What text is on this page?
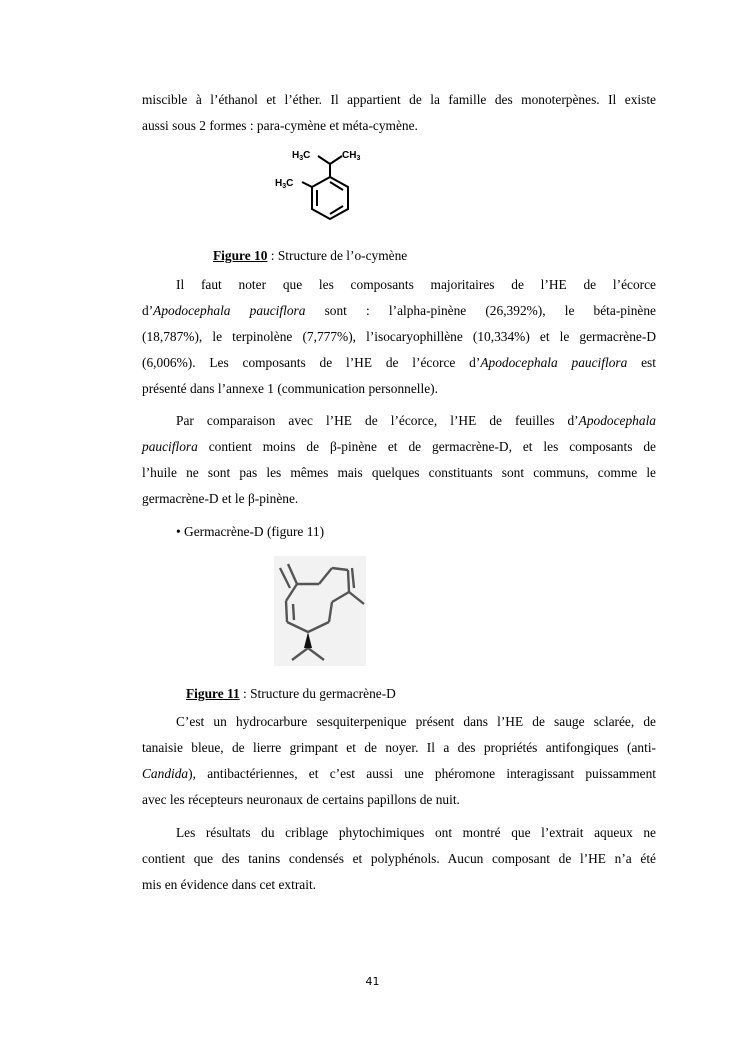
miscible à l’éthanol et l’éther. Il appartient de la famille des monoterpènes. Il existe
aussi sous 2 formes : para-cymène et méta-cymène.
$H_3C$	$CH_3$
$H_3C$
Figure 10 : Structure de l’o-cymène
Il faut noter que les composants majoritaires de l’HE de l’écorce
d’Apodocephala pauciflora sont : l’alpha-pinène (26,392%), le béta-pinène
(18,787%), le terpinolène (7,777%), l’isocaryophillène (10,334%) et le germacrène-D
(6,006%). Les composants de l’HE de l’écorce d’Apodocephala pauciflora est
présenté dans l’annexe 1 (communication personnelle).
Par comparaison avec l’HE de l’écorce, l’HE de feuilles d’Apodocephala
pauciflora contient moins de β-pinène et de germacrène-D, et les composants de
l’huile ne sont pas les mêmes mais quelques constituants sont communs, comme le
germacrène-D et le β-pinène.
• Germacrène-D (figure 11)
Figure 11 : Structure du germacrène-D
C’est un hydrocarbure sesquiterpenique présent dans l’HE de sauge sclarée, de
tanaisie bleue, de lierre grimpant et de noyer. Il a des propriétés antifongiques (anti-
Candida), antibactériennes, et c’est aussi une phéromone interagissant puissamment
avec les récepteurs neuronaux de certains papillons de nuit.
Les résultats du criblage phytochimiques ont montré que l’extrait aqueux ne
contient que des tanins condensés et polyphénols. Aucun composant de l’HE n’a été
mis en évidence dans cet extrait.
41
